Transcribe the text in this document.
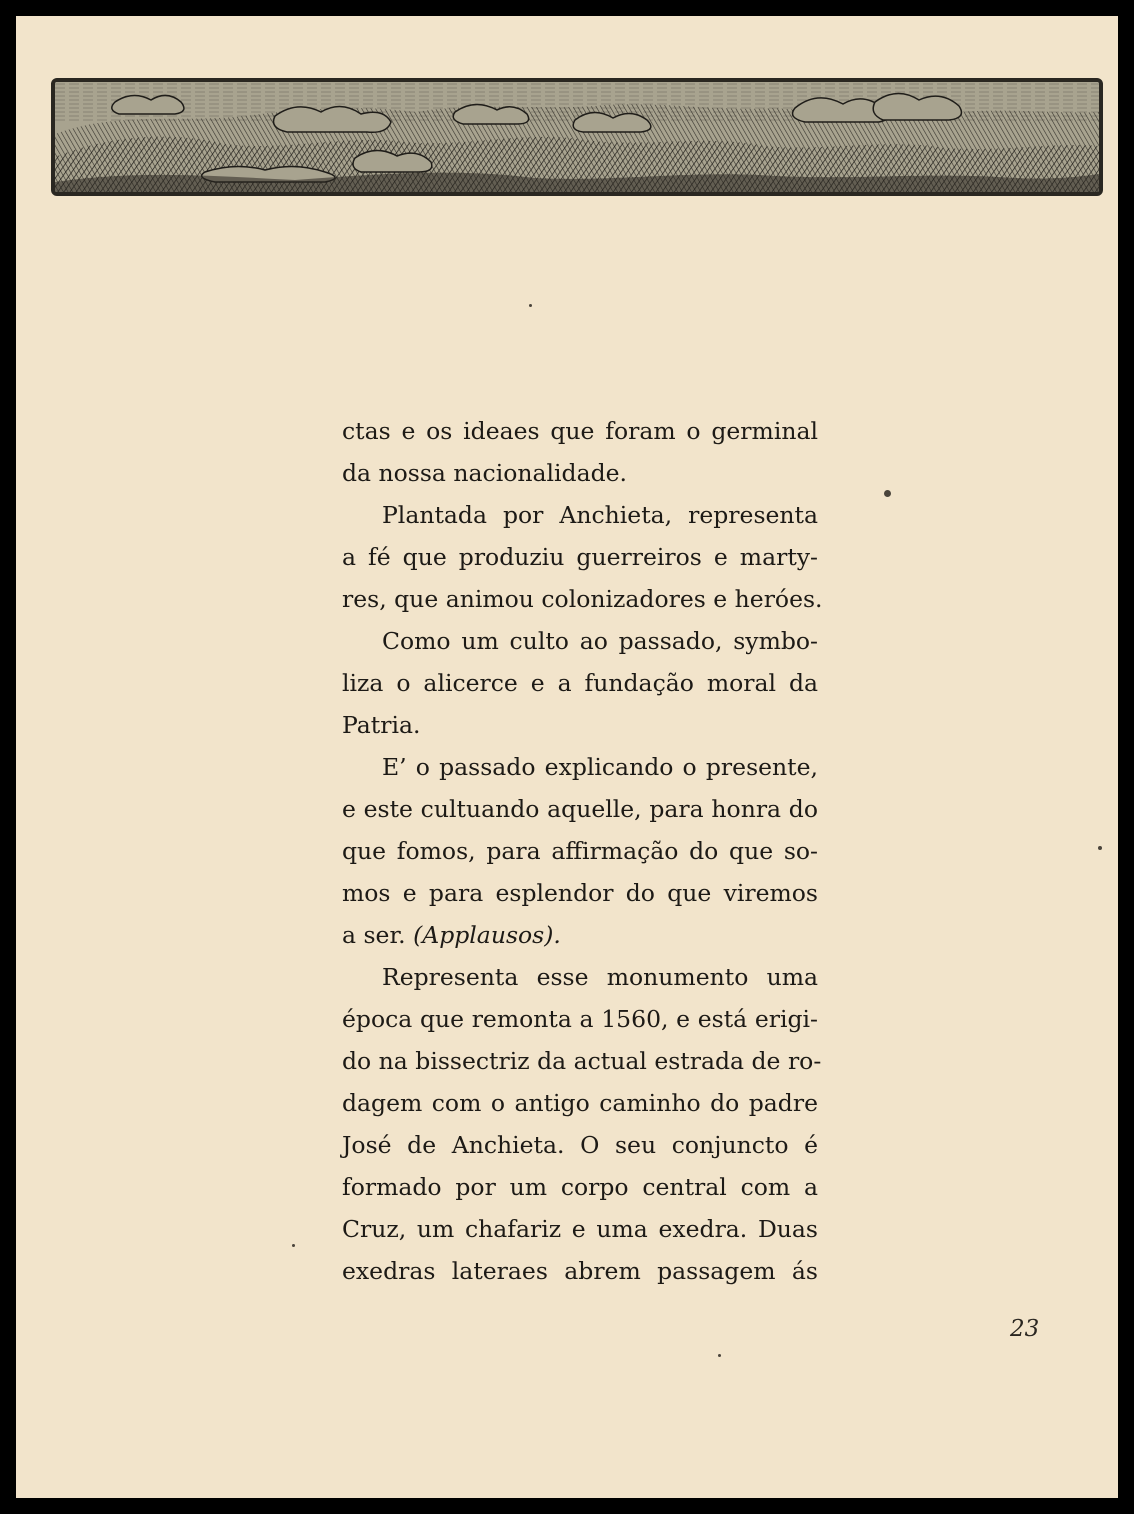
ctas e os ideaes que foram o germinal
da nossa nacionalidade.
Plantada por Anchieta, representa
a fé que produziu guerreiros e marty-
res, que animou colonizadores e heróes.
Como um culto ao passado, symbo-
liza o alicerce e a fundação moral da
Patria.
E’ o passado explicando o presente,
e este cultuando aquelle, para honra do
que fomos, para affirmação do que so-
mos e para esplendor do que viremos
a ser. (Applausos).
Representa esse monumento uma
época que remonta a 1560, e está erigi-
do na bissectriz da actual estrada de ro-
dagem com o antigo caminho do padre
José de Anchieta. O seu conjuncto é
formado por um corpo central com a
Cruz, um chafariz e uma exedra. Duas
exedras lateraes abrem passagem ás
23
